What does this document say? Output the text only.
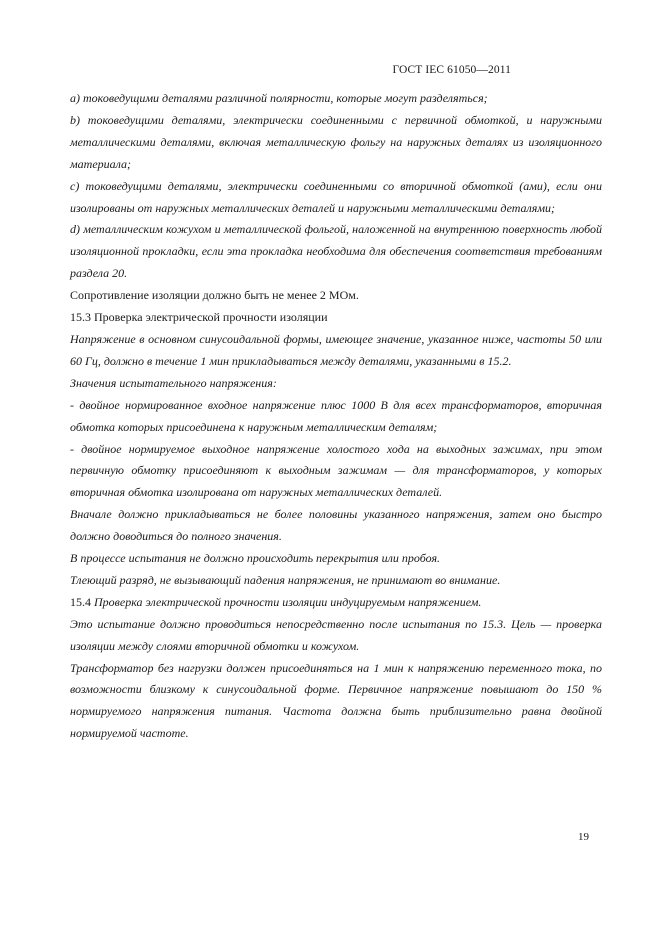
ГОСТ IEC 61050—2011

a) токоведущими деталями различной полярности, которые могут разделяться;

b) токоведущими деталями, электрически соединенными с первичной обмоткой, и наружными металлическими деталями, включая металлическую фольгу на наружных деталях из изоляционного материала;

c) токоведущими деталями, электрически соединенными со вторичной обмоткой (ами), если они изолированы от наружных металлических деталей и наружными металлическими деталями;

d) металлическим кожухом и металлической фольгой, наложенной на внутреннюю поверхность любой изоляционной прокладки, если эта прокладка необходима для обеспечения соответствия требованиям раздела 20.

Сопротивление изоляции должно быть не менее 2 МОм.

15.3 Проверка электрической прочности изоляции

Напряжение в основном синусоидальной формы, имеющее значение, указанное ниже, частоты 50 или 60 Гц, должно в течение 1 мин прикладываться между деталями, указанными в 15.2.

Значения испытательного напряжения:

- двойное нормированное входное напряжение плюс 1000 В для всех трансформаторов, вторичная обмотка которых присоединена к наружным металлическим деталям;

- двойное нормируемое выходное напряжение холостого хода на выходных зажимах, при этом первичную обмотку присоединяют к выходным зажимам — для трансформаторов, у которых вторичная обмотка изолирована от наружных металлических деталей.

Вначале должно прикладываться не более половины указанного напряжения, затем оно быстро должно доводиться до полного значения.

В процессе испытания не должно происходить перекрытия или пробоя.

Тлеющий разряд, не вызывающий падения напряжения, не принимают во внимание.

15.4 Проверка электрической прочности изоляции индуцируемым напряжением.

Это испытание должно проводиться непосредственно после испытания по 15.3. Цель — проверка изоляции между слоями вторичной обмотки и кожухом.

Трансформатор без нагрузки должен присоединяться на 1 мин к напряжению переменного тока, по возможности близкому к синусоидальной форме. Первичное напряжение повышают до 150 % нормируемого напряжения питания. Частота должна быть приблизительно равна двойной нормируемой частоте.

19
